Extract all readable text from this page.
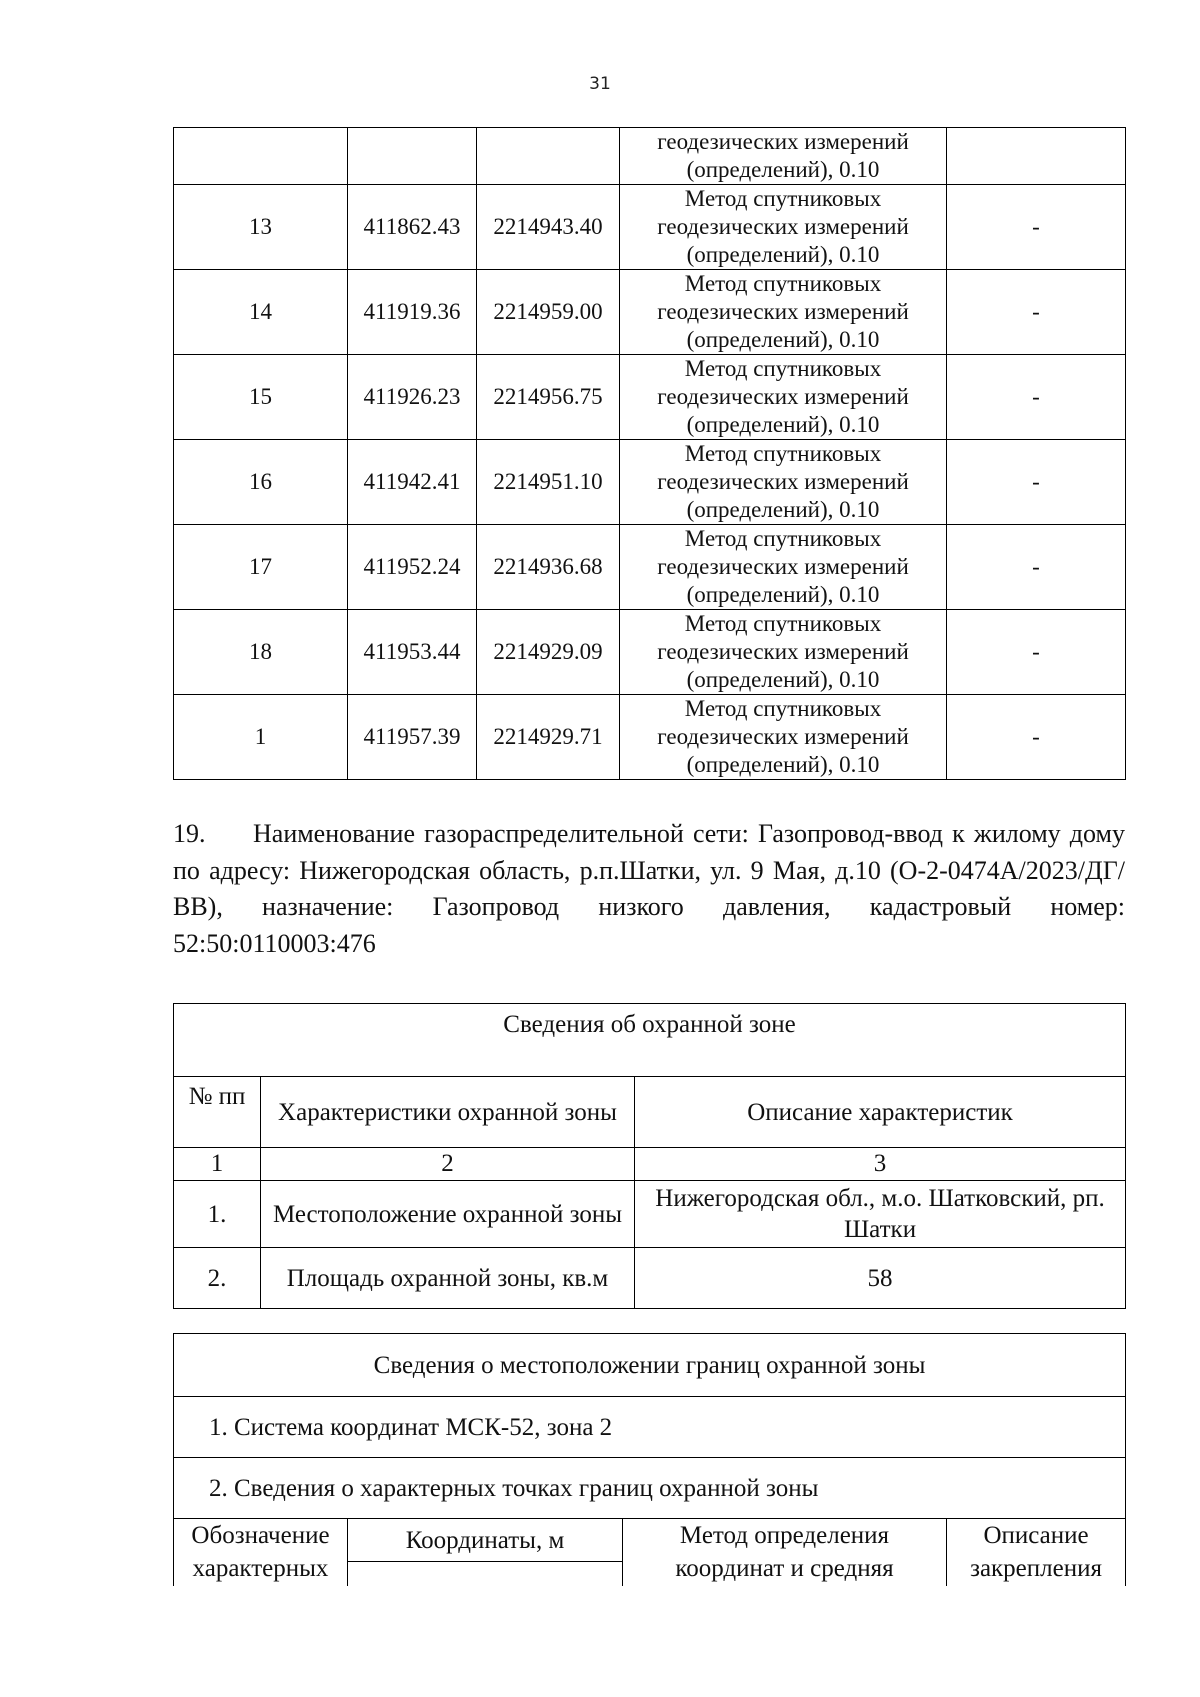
31

			геодезических измерений
(определений), 0.10	

13	411862.43	2214943.40	Метод спутниковых
геодезических измерений
(определений), 0.10	-
14	411919.36	2214959.00	Метод спутниковых
геодезических измерений
(определений), 0.10	-
15	411926.23	2214956.75	Метод спутниковых
геодезических измерений
(определений), 0.10	-
16	411942.41	2214951.10	Метод спутниковых
геодезических измерений
(определений), 0.10	-
17	411952.24	2214936.68	Метод спутниковых
геодезических измерений
(определений), 0.10	-
18	411953.44	2214929.09	Метод спутниковых
геодезических измерений
(определений), 0.10	-
1	411957.39	2214929.71	Метод спутниковых
геодезических измерений
(определений), 0.10	-

19. Наименование газораспределительной сети: Газопровод-ввод к жилому дому по адресу: Нижегородская область, р.п.Шатки, ул. 9 Мая, д.10 (О-2-0474А/2023/ДГ/ВВ), назначение: Газопровод низкого давления, кадастровый номер: 52:50:0110003:476

Сведения об охранной зоне		
№ пп	Характеристики охранной зоны	Описание характеристик
1	2	3
1.	Местоположение охранной зоны	Нижегородская обл., м.о. Шатковский, рп. Шатки
2.	Площадь охранной зоны, кв.м	58
Сведения о местоположении границ охранной зоны
1. Система координат МСК-52, зона 2
2. Сведения о характерных точках границ охранной зоны
Обозначение характерных	Координаты, м	Метод определения координат и средняя	Описание закрепления
